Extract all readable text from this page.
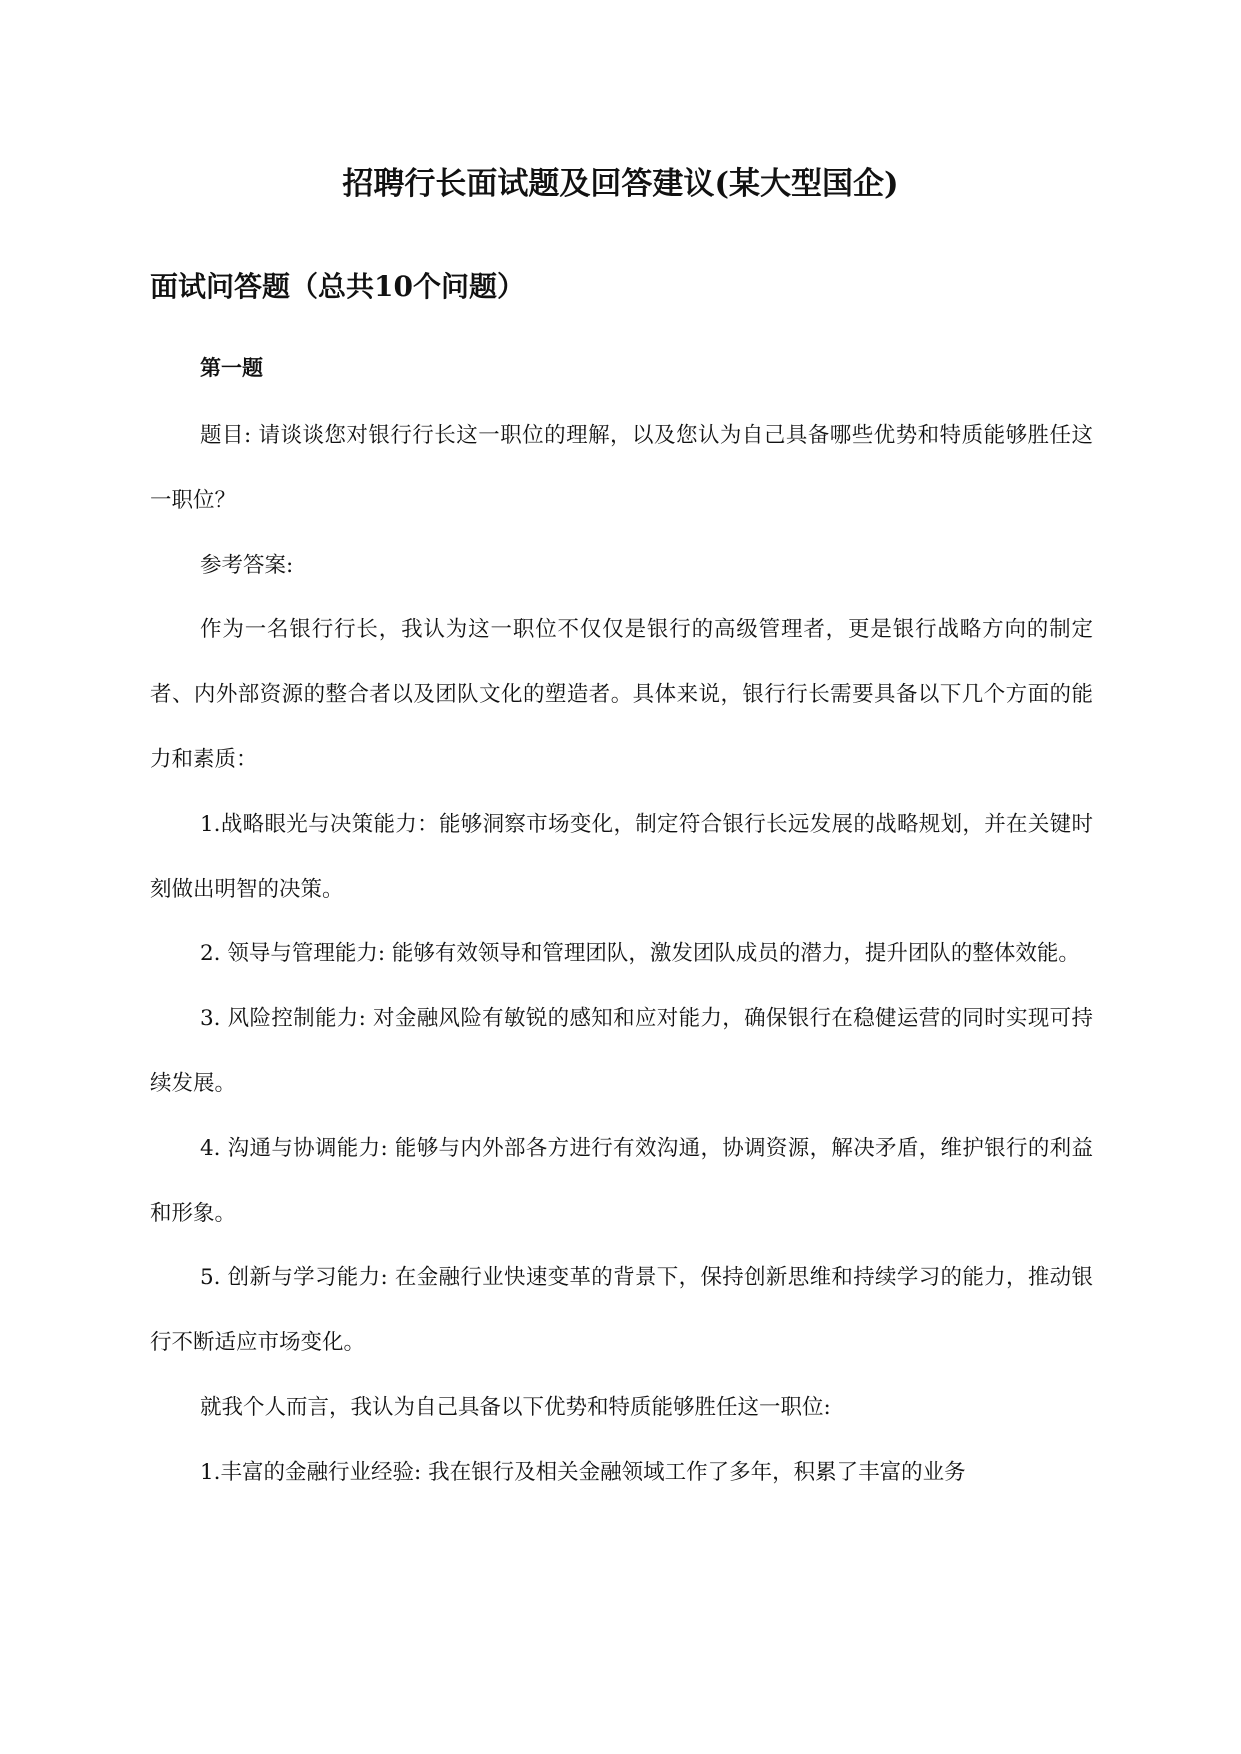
招聘行长面试题及回答建议(某大型国企)
面试问答题（总共10个问题）
第一题

题目: 请谈谈您对银行行长这一职位的理解，以及您认为自己具备哪些优势和特质能够胜任这一职位？

参考答案:

作为一名银行行长，我认为这一职位不仅仅是银行的高级管理者，更是银行战略方向的制定者、内外部资源的整合者以及团队文化的塑造者。具体来说，银行行长需要具备以下几个方面的能力和素质：

1.战略眼光与决策能力：能够洞察市场变化，制定符合银行长远发展的战略规划，并在关键时刻做出明智的决策。

2. 领导与管理能力: 能够有效领导和管理团队，激发团队成员的潜力，提升团队的整体效能。

3. 风险控制能力: 对金融风险有敏锐的感知和应对能力，确保银行在稳健运营的同时实现可持续发展。

4. 沟通与协调能力: 能够与内外部各方进行有效沟通，协调资源，解决矛盾，维护银行的利益和形象。

5. 创新与学习能力: 在金融行业快速变革的背景下，保持创新思维和持续学习的能力，推动银行不断适应市场变化。

就我个人而言，我认为自己具备以下优势和特质能够胜任这一职位:

1.丰富的金融行业经验: 我在银行及相关金融领域工作了多年，积累了丰富的业务
